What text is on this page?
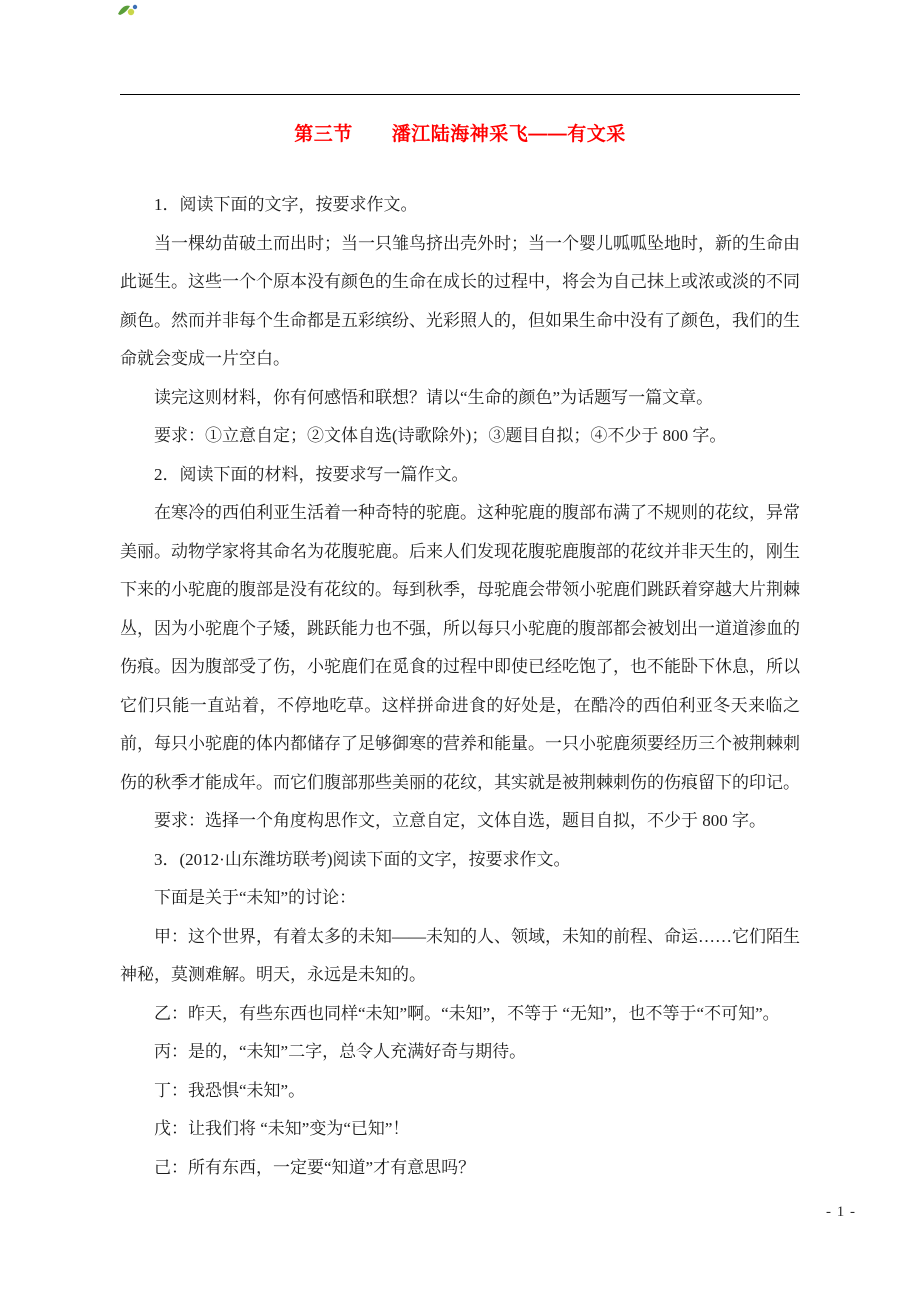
第三节　　潘江陆海神采飞——有文采

1．阅读下面的文字，按要求作文。

当一棵幼苗破土而出时；当一只雏鸟挤出壳外时；当一个婴儿呱呱坠地时，新的生命由此诞生。这些一个个原本没有颜色的生命在成长的过程中，将会为自己抹上或浓或淡的不同颜色。然而并非每个生命都是五彩缤纷、光彩照人的，但如果生命中没有了颜色，我们的生命就会变成一片空白。

读完这则材料，你有何感悟和联想？请以“生命的颜色”为话题写一篇文章。

要求：①立意自定；②文体自选(诗歌除外)；③题目自拟；④不少于 800 字。

2．阅读下面的材料，按要求写一篇作文。

在寒冷的西伯利亚生活着一种奇特的驼鹿。这种驼鹿的腹部布满了不规则的花纹，异常美丽。动物学家将其命名为花腹驼鹿。后来人们发现花腹驼鹿腹部的花纹并非天生的，刚生下来的小驼鹿的腹部是没有花纹的。每到秋季，母驼鹿会带领小驼鹿们跳跃着穿越大片荆棘丛，因为小驼鹿个子矮，跳跃能力也不强，所以每只小驼鹿的腹部都会被划出一道道渗血的伤痕。因为腹部受了伤，小驼鹿们在觅食的过程中即使已经吃饱了，也不能卧下休息，所以它们只能一直站着，不停地吃草。这样拼命进食的好处是，在酷冷的西伯利亚冬天来临之前，每只小驼鹿的体内都储存了足够御寒的营养和能量。一只小驼鹿须要经历三个被荆棘刺伤的秋季才能成年。而它们腹部那些美丽的花纹，其实就是被荆棘刺伤的伤痕留下的印记。

要求：选择一个角度构思作文，立意自定，文体自选，题目自拟，不少于 800 字。

3．(2012·山东潍坊联考)阅读下面的文字，按要求作文。

下面是关于“未知”的讨论：

甲：这个世界，有着太多的未知——未知的人、领域，未知的前程、命运……它们陌生神秘，莫测难解。明天，永远是未知的。

乙：昨天，有些东西也同样“未知”啊。“未知”，不等于 “无知”，也不等于“不可知”。

丙：是的，“未知”二字，总令人充满好奇与期待。

丁：我恐惧“未知”。

戊：让我们将 “未知”变为“已知”！

己：所有东西，一定要“知道”才有意思吗？

- 1 -
